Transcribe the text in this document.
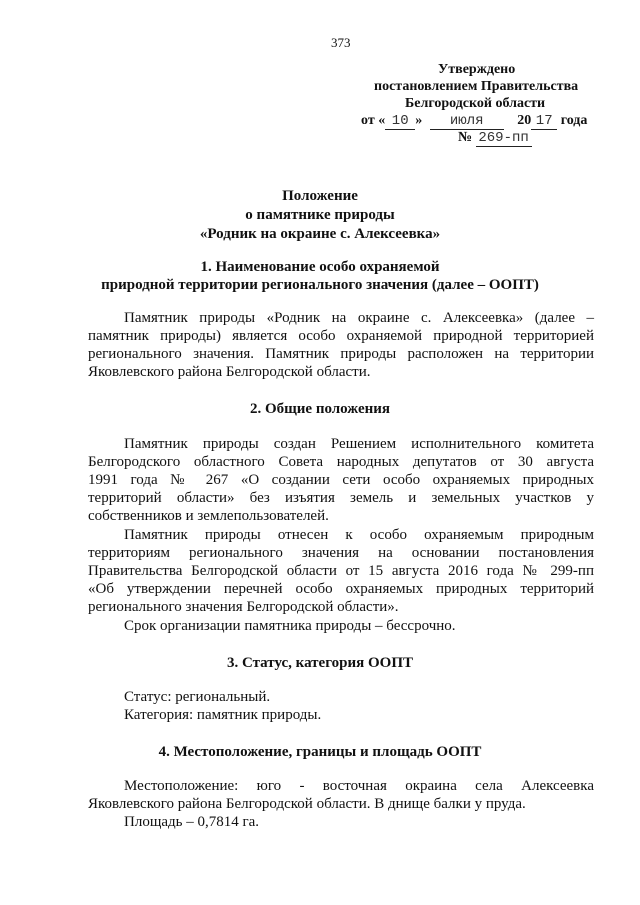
373
Утверждено
постановлением Правительства
Белгородской области
от « 10 » июля 20 17 года
№ 269-пп
Положение
о памятнике природы
«Родник на окраине с. Алексеевка»
1. Наименование особо охраняемой
природной территории регионального значения (далее – ООПТ)
Памятник природы «Родник на окраине с. Алексеевка» (далее –
памятник природы) является особо охраняемой природной территорией
регионального значения. Памятник природы расположен на территории
Яковлевского района Белгородской области.
2. Общие положения
Памятник природы создан Решением исполнительного комитета
Белгородского областного Совета народных депутатов от 30 августа
1991 года № 267 «О создании сети особо охраняемых природных
территорий области» без изъятия земель и земельных участков у
собственников и землепользователей.
Памятник природы отнесен к особо охраняемым природным
территориям регионального значения на основании постановления
Правительства Белгородской области от 15 августа 2016 года № 299-пп
«Об утверждении перечней особо охраняемых природных территорий
регионального значения Белгородской области».
Срок организации памятника природы – бессрочно.
3. Статус, категория ООПТ
Статус: региональный.
Категория: памятник природы.
4. Местоположение, границы и площадь ООПТ
Местоположение: юго - восточная окраина села Алексеевка
Яковлевского района Белгородской области. В днище балки у пруда.
Площадь – 0,7814 га.
